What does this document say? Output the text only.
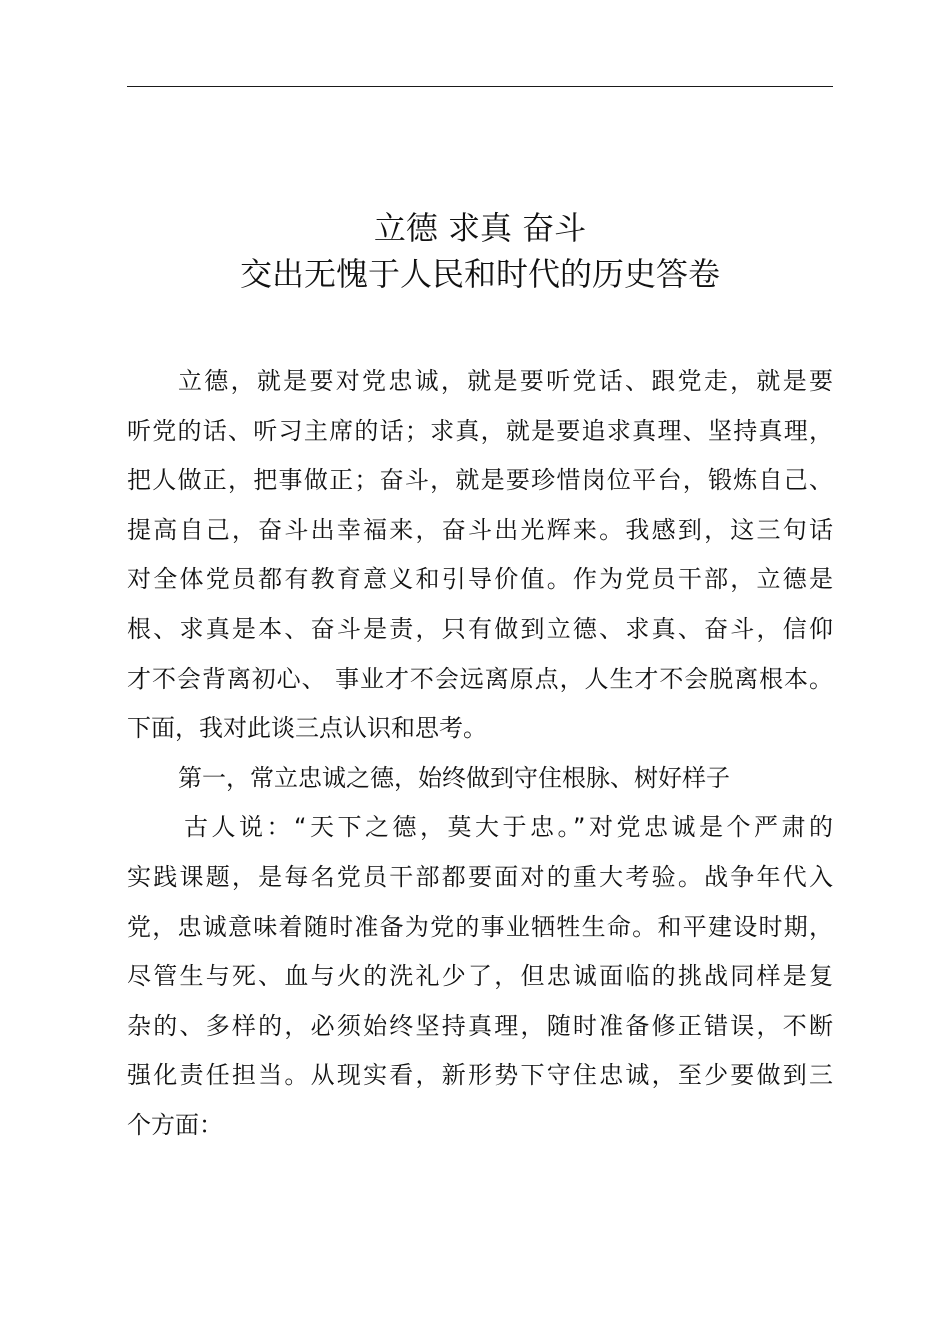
立德 求真 奋斗
交出无愧于人民和时代的历史答卷
立德，就是要对党忠诚，就是要听党话、跟党走，就是要
听党的话、听习主席的话；求真，就是要追求真理、坚持真理，
把人做正，把事做正；奋斗，就是要珍惜岗位平台，锻炼自己、
提高自己，奋斗出幸福来，奋斗出光辉来。我感到，这三句话
对全体党员都有教育意义和引导价值。作为党员干部，立德是
根、求真是本、奋斗是责，只有做到立德、求真、奋斗，信仰
才不会背离初心、 事业才不会远离原点，人生才不会脱离根本。
下面，我对此谈三点认识和思考。
第一，常立忠诚之德，始终做到守住根脉、树好样子
古人说：“天下之德，莫大于忠。”对党忠诚是个严肃的
实践课题，是每名党员干部都要面对的重大考验。战争年代入
党，忠诚意味着随时准备为党的事业牺牲生命。和平建设时期，
尽管生与死、血与火的洗礼少了，但忠诚面临的挑战同样是复
杂的、多样的，必须始终坚持真理，随时准备修正错误，不断
强化责任担当。从现实看，新形势下守住忠诚，至少要做到三
个方面：
